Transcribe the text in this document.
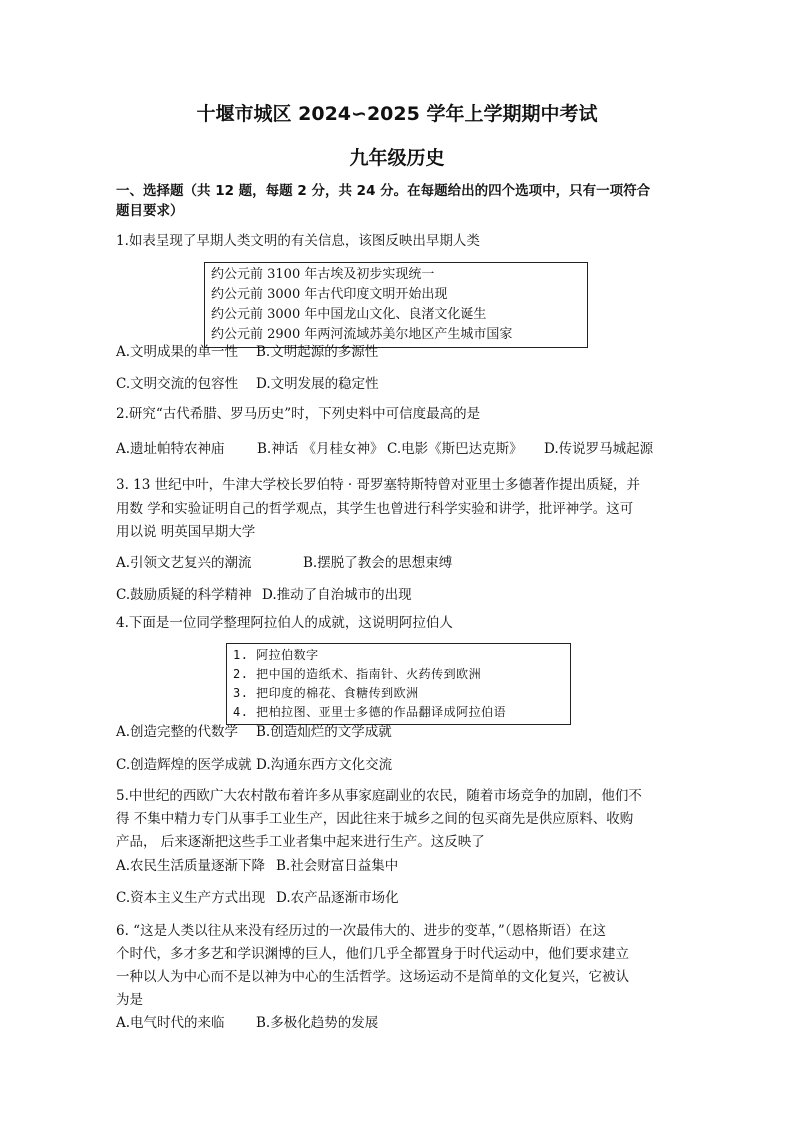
十堰市城区 2024∽2025 学年上学期期中考试
九年级历史
一、选择题（共 12 题，每题 2 分，共 24 分。在每题给出的四个选项中，只有一项符合
题目要求）
1.如表呈现了早期人类文明的有关信息，该图反映出早期人类
约公元前 3100 年古埃及初步实现统一
约公元前 3000 年古代印度文明开始出现
约公元前 3000 年中国龙山文化、良渚文化诞生
约公元前 2900 年两河流域苏美尔地区产生城市国家
A.文明成果的单一性 B.文明起源的多源性
C.文明交流的包容性 D.文明发展的稳定性
2.研究“古代希腊、罗马历史”时，下列史料中可信度最高的是
A.遗址帕特农神庙 B.神话 《月桂女神》 C.电影《斯巴达克斯》 D.传说罗马城起源
3. 13 世纪中叶，牛津大学校长罗伯特 · 哥罗塞特斯特曾对亚里士多德著作提出质疑，并
用数 学和实验证明自己的哲学观点，其学生也曾进行科学实验和讲学，批评神学。这可
用以说 明英国早期大学
A.引领文艺复兴的潮流	B.摆脱了教会的思想束缚
C.鼓励质疑的科学精神 D.推动了自治城市的出现
4.下面是一位同学整理阿拉伯人的成就，这说明阿拉伯人
1. 阿拉伯数字
2. 把中国的造纸术、指南针、火药传到欧洲
3. 把印度的棉花、食糖传到欧洲
4. 把柏拉图、亚里士多德的作品翻译成阿拉伯语
A.创造完整的代数学 B.创造灿烂的文学成就
C.创造辉煌的医学成就 D.沟通东西方文化交流
5.中世纪的西欧广大农村散布着许多从事家庭副业的农民，随着市场竞争的加剧，他们不
得 不集中精力专门从事手工业生产，因此往来于城乡之间的包买商先是供应原料、收购
产品， 后来逐渐把这些手工业者集中起来进行生产。这反映了
A.农民生活质量逐渐下降 B.社会财富日益集中
C.资本主义生产方式出现 D.农产品逐渐市场化
6. “这是人类以往从来没有经历过的一次最伟大的、进步的变革，”（恩格斯语）在这
个时代，多才多艺和学识渊博的巨人，他们几乎全都置身于时代运动中，他们要求建立
一种以人为中心而不是以神为中心的生活哲学。这场运动不是简单的文化复兴，它被认
为是
A.电气时代的来临 B.多极化趋势的发展
